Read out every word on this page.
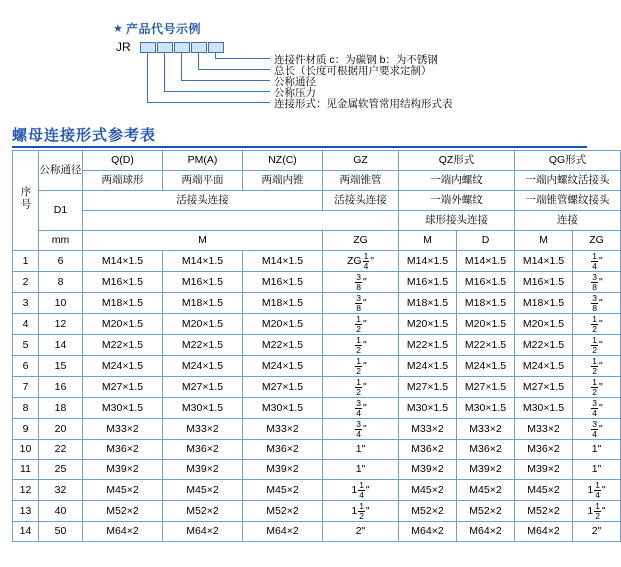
★ 产品代号示例
JR
连接件材质 c：为碳钢 b：为不锈钢
总长（长度可根据用户要求定制）
公称通径
公称压力
连接形式：见金属软管常用结构形式表
螺母连接形式参考表
序号	公称通径	Q(D)	PM(A)	NZ(C)	GZ	QZ形式		QG形式	
		两端球形	两端平面	两端内锥	两端锥管	一端内螺纹		一端内螺纹活接头	
	D1	活接头连接			活接头连接	一端外螺纹		一端锥管螺纹接头	
						球形接头连接		连接	
	mm	M			ZG	M	D	M	ZG
1	6	M14×1.5	M14×1.5	M14×1.5	ZG $\frac{1}{4}$ "	M14×1.5	M14×1.5	M14×1.5	$\frac{1}{4}$ "
2	8	M16×1.5	M16×1.5	M16×1.5	$\frac{3}{8}$ "	M16×1.5	M16×1.5	M16×1.5	$\frac{3}{8}$ "
3	10	M18×1.5	M18×1.5	M18×1.5	$\frac{3}{8}$ "	M18×1.5	M18×1.5	M18×1.5	$\frac{3}{8}$ "
4	12	M20×1.5	M20×1.5	M20×1.5	$\frac{1}{2}$ "	M20×1.5	M20×1.5	M20×1.5	$\frac{1}{2}$ "
5	14	M22×1.5	M22×1.5	M22×1.5	$\frac{1}{2}$ "	M22×1.5	M22×1.5	M22×1.5	$\frac{1}{2}$ "
6	15	M24×1.5	M24×1.5	M24×1.5	$\frac{1}{2}$ "	M24×1.5	M24×1.5	M24×1.5	$\frac{1}{2}$ "
7	16	M27×1.5	M27×1.5	M27×1.5	$\frac{1}{2}$ "	M27×1.5	M27×1.5	M27×1.5	$\frac{1}{2}$ "
8	18	M30×1.5	M30×1.5	M30×1.5	$\frac{3}{4}$ "	M30×1.5	M30×1.5	M30×1.5	$\frac{3}{4}$ "
9	20	M33×2	M33×2	M33×2	$\frac{3}{4}$ "	M33×2	M33×2	M33×2	$\frac{3}{4}$ "
10	22	M36×2	M36×2	M36×2	1"	M36×2	M36×2	M36×2	1"
11	25	M39×2	M39×2	M39×2	1"	M39×2	M39×2	M39×2	1"
12	32	M45×2	M45×2	M45×2	$1 \frac{1}{4}$ "	M45×2	M45×2	M45×2	$1 \frac{1}{4}$ "
13	40	M52×2	M52×2	M52×2	$1 \frac{1}{2}$ "	M52×2	M52×2	M52×2	$1 \frac{1}{2}$ "
14	50	M64×2	M64×2	M64×2	2"	M64×2	M64×2	M64×2	2"
